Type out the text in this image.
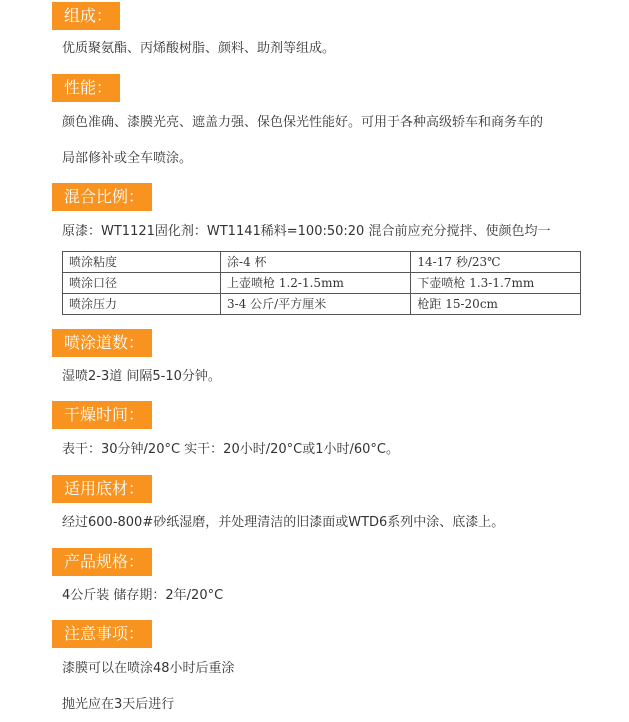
组成：
优质聚氨酯、丙烯酸树脂、颜料、助剂等组成。
性能：
颜色准确、漆膜光亮、遮盖力强、保色保光性能好。可用于各种高级轿车和商务车的
局部修补或全车喷涂。
混合比例：
原漆：WT1121固化剂：WT1141稀料=100:50:20 混合前应充分搅拌、使颜色均一
喷涂粘度	涂-4 杯	14-17 秒/23℃
喷涂口径	上壶喷枪 1.2-1.5mm	下壶喷枪 1.3-1.7mm
喷涂压力	3-4 公斤/平方厘米	枪距 15-20cm
喷涂道数：
湿喷2-3道 间隔5-10分钟。
干燥时间：
表干：30分钟/20°C 实干：20小时/20°C或1小时/60°C。
适用底材：
经过600-800#砂纸湿磨，并处理清洁的旧漆面或WTD6系列中涂、底漆上。
产品规格：
4公斤装 储存期：2年/20°C
注意事项：
漆膜可以在喷涂48小时后重涂
抛光应在3天后进行
